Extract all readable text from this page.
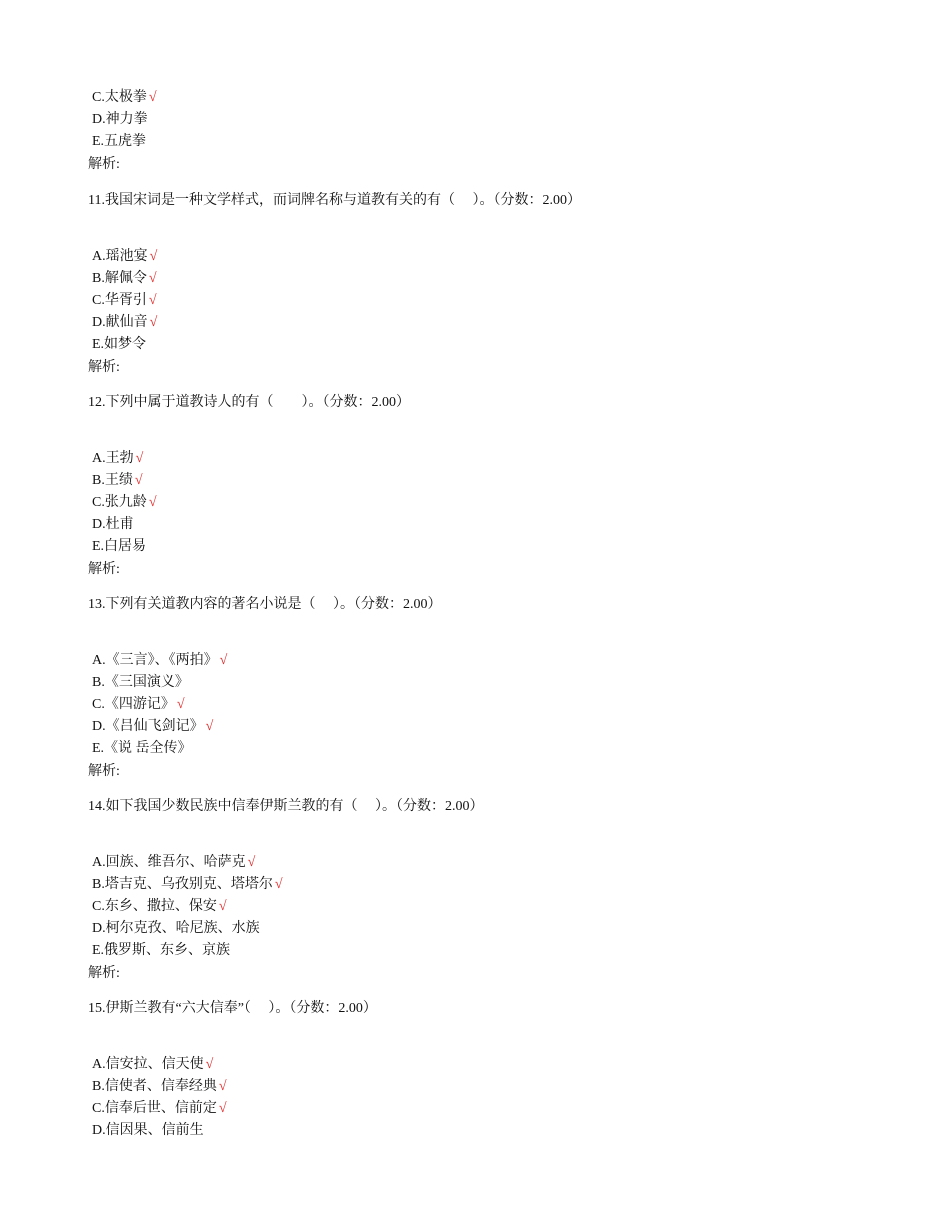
C.太极拳 √
D.神力拳
E.五虎拳
解析:
11.我国宋词是一种文学样式，而词牌名称与道教有关的有（　 ）。（分数：2.00）
A.瑶池宴 √
B.解佩令 √
C.华胥引 √
D.献仙音 √
E.如梦令
解析:
12.下列中属于道教诗人的有（　　）。（分数：2.00）
A.王勃 √
B.王绩 √
C.张九龄 √
D.杜甫
E.白居易
解析:
13.下列有关道教内容的著名小说是（　 ）。（分数：2.00）
A.《三言》、《两拍》 √
B.《三国演义》
C.《四游记》 √
D.《吕仙飞剑记》 √
E.《说 岳全传》
解析:
14.如下我国少数民族中信奉伊斯兰教的有（　 ）。（分数：2.00）
A.回族、维吾尔、哈萨克 √
B.塔吉克、乌孜别克、塔塔尔 √
C.东乡、撒拉、保安 √
D.柯尔克孜、哈尼族、水族
E.俄罗斯、东乡、京族
解析:
15.伊斯兰教有“六大信奉”（　 ）。（分数：2.00）
A.信安拉、信天使 √
B.信使者、信奉经典 √
C.信奉后世、信前定 √
D.信因果、信前生
